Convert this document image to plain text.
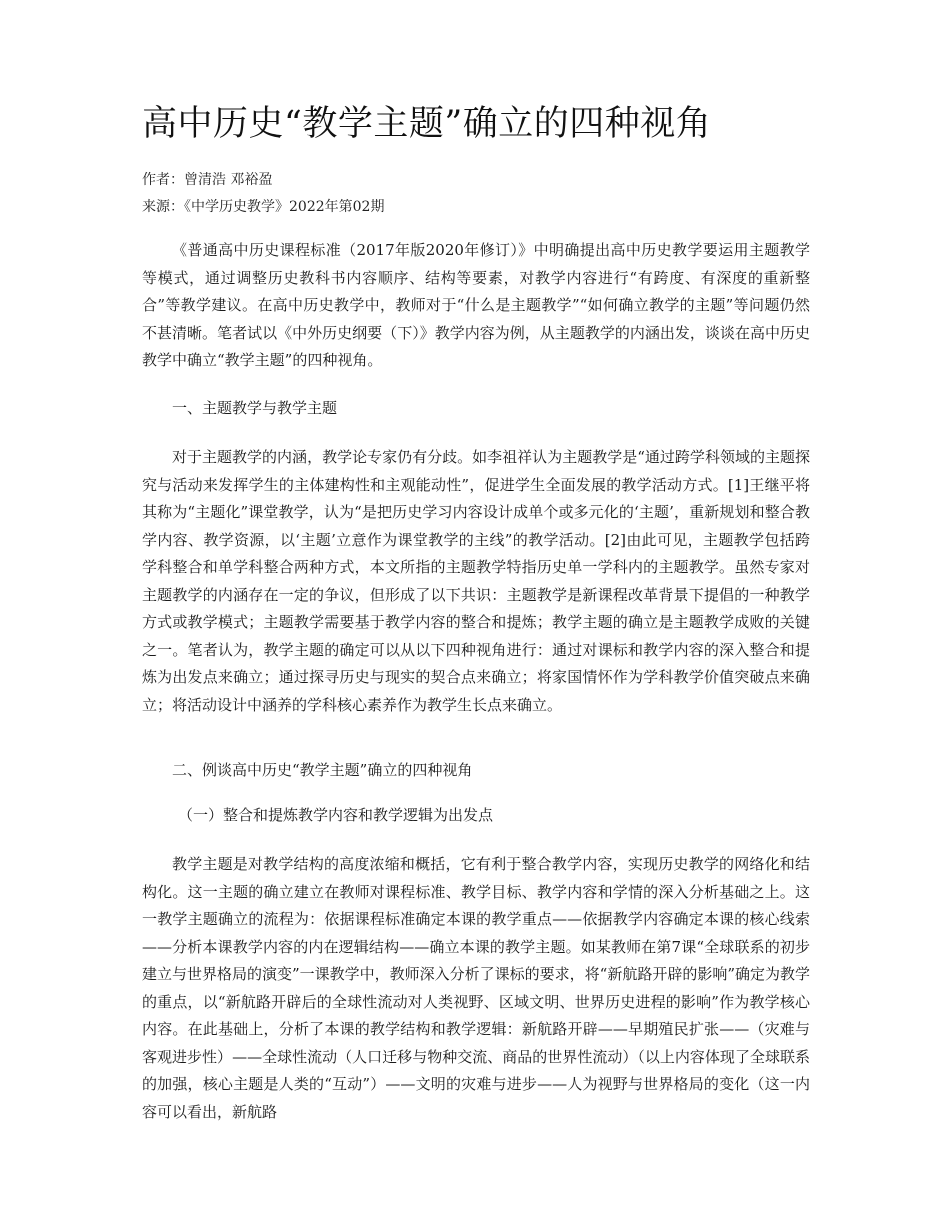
高中历史“教学主题”确立的四种视角
作者：曾清浩 邓裕盈
来源：《中学历史教学》2022年第02期

《普通高中历史课程标准（2017年版2020年修订）》中明确提出高中历史教学要运用主题教学等模式，通过调整历史教科书内容顺序、结构等要素，对教学内容进行“有跨度、有深度的重新整合”等教学建议。在高中历史教学中，教师对于“什么是主题教学”“如何确立教学的主题”等问题仍然不甚清晰。笔者试以《中外历史纲要（下）》教学内容为例，从主题教学的内涵出发，谈谈在高中历史教学中确立“教学主题”的四种视角。

一、主题教学与教学主题

对于主题教学的内涵，教学论专家仍有分歧。如李祖祥认为主题教学是“通过跨学科领域的主题探究与活动来发挥学生的主体建构性和主观能动性”，促进学生全面发展的教学活动方式。[1]王继平将其称为“主题化”课堂教学，认为“是把历史学习内容设计成单个或多元化的‘主题’，重新规划和整合教学内容、教学资源，以‘主题’立意作为课堂教学的主线”的教学活动。[2]由此可见，主题教学包括跨学科整合和单学科整合两种方式，本文所指的主题教学特指历史单一学科内的主题教学。虽然专家对主题教学的内涵存在一定的争议，但形成了以下共识：主题教学是新课程改革背景下提倡的一种教学方式或教学模式；主题教学需要基于教学内容的整合和提炼；教学主题的确立是主题教学成败的关键之一。笔者认为，教学主题的确定可以从以下四种视角进行：通过对课标和教学内容的深入整合和提炼为出发点来确立；通过探寻历史与现实的契合点来确立；将家国情怀作为学科教学价值突破点来确立；将活动设计中涵养的学科核心素养作为教学生长点来确立。

二、例谈高中历史“教学主题”确立的四种视角
（一）整合和提炼教学内容和教学逻辑为出发点

教学主题是对教学结构的高度浓缩和概括，它有利于整合教学内容，实现历史教学的网络化和结构化。这一主题的确立建立在教师对课程标准、教学目标、教学内容和学情的深入分析基础之上。这一教学主题确立的流程为：依据课程标准确定本课的教学重点——依据教学内容确定本课的核心线索——分析本课教学内容的内在逻辑结构——确立本课的教学主题。如某教师在第7课“全球联系的初步建立与世界格局的演变”一课教学中，教师深入分析了课标的要求，将“新航路开辟的影响”确定为教学的重点，以“新航路开辟后的全球性流动对人类视野、区域文明、世界历史进程的影响”作为教学核心内容。在此基础上，分析了本课的教学结构和教学逻辑：新航路开辟——早期殖民扩张——（灾难与客观进步性）——全球性流动（人口迁移与物种交流、商品的世界性流动）（以上内容体现了全球联系的加强，核心主题是人类的“互动”）——文明的灾难与进步——人为视野与世界格局的变化（这一内容可以看出，新航路
